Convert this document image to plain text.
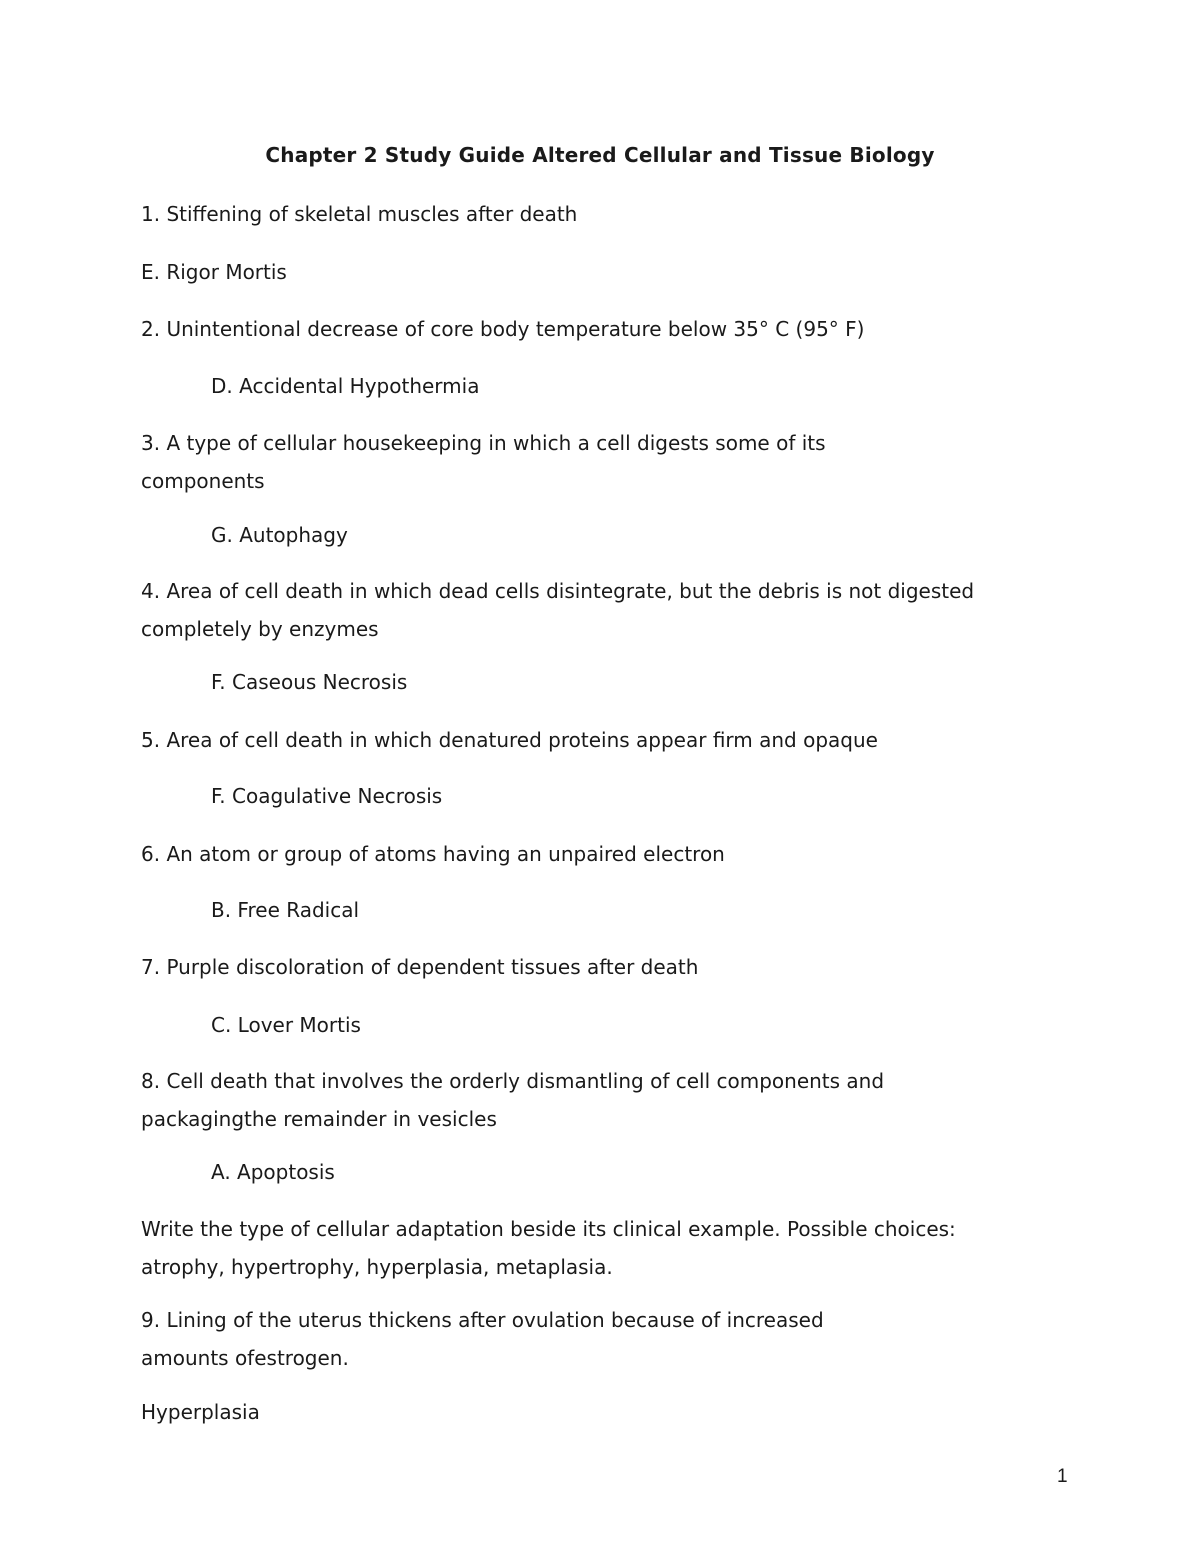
Chapter 2 Study Guide Altered Cellular and Tissue Biology
1. Stiffening of skeletal muscles after death
E. Rigor Mortis
2. Unintentional decrease of core body temperature below 35° C (95° F)
D. Accidental Hypothermia
3. A type of cellular housekeeping in which a cell digests some of its
components
G. Autophagy
4. Area of cell death in which dead cells disintegrate, but the debris is not digested
completely by enzymes
F. Caseous Necrosis
5. Area of cell death in which denatured proteins appear firm and opaque
F. Coagulative Necrosis
6. An atom or group of atoms having an unpaired electron
B. Free Radical
7. Purple discoloration of dependent tissues after death
C. Lover Mortis
8. Cell death that involves the orderly dismantling of cell components and
packagingthe remainder in vesicles
A. Apoptosis
Write the type of cellular adaptation beside its clinical example. Possible choices:
atrophy, hypertrophy, hyperplasia, metaplasia.
9. Lining of the uterus thickens after ovulation because of increased
amounts ofestrogen.
Hyperplasia
1
